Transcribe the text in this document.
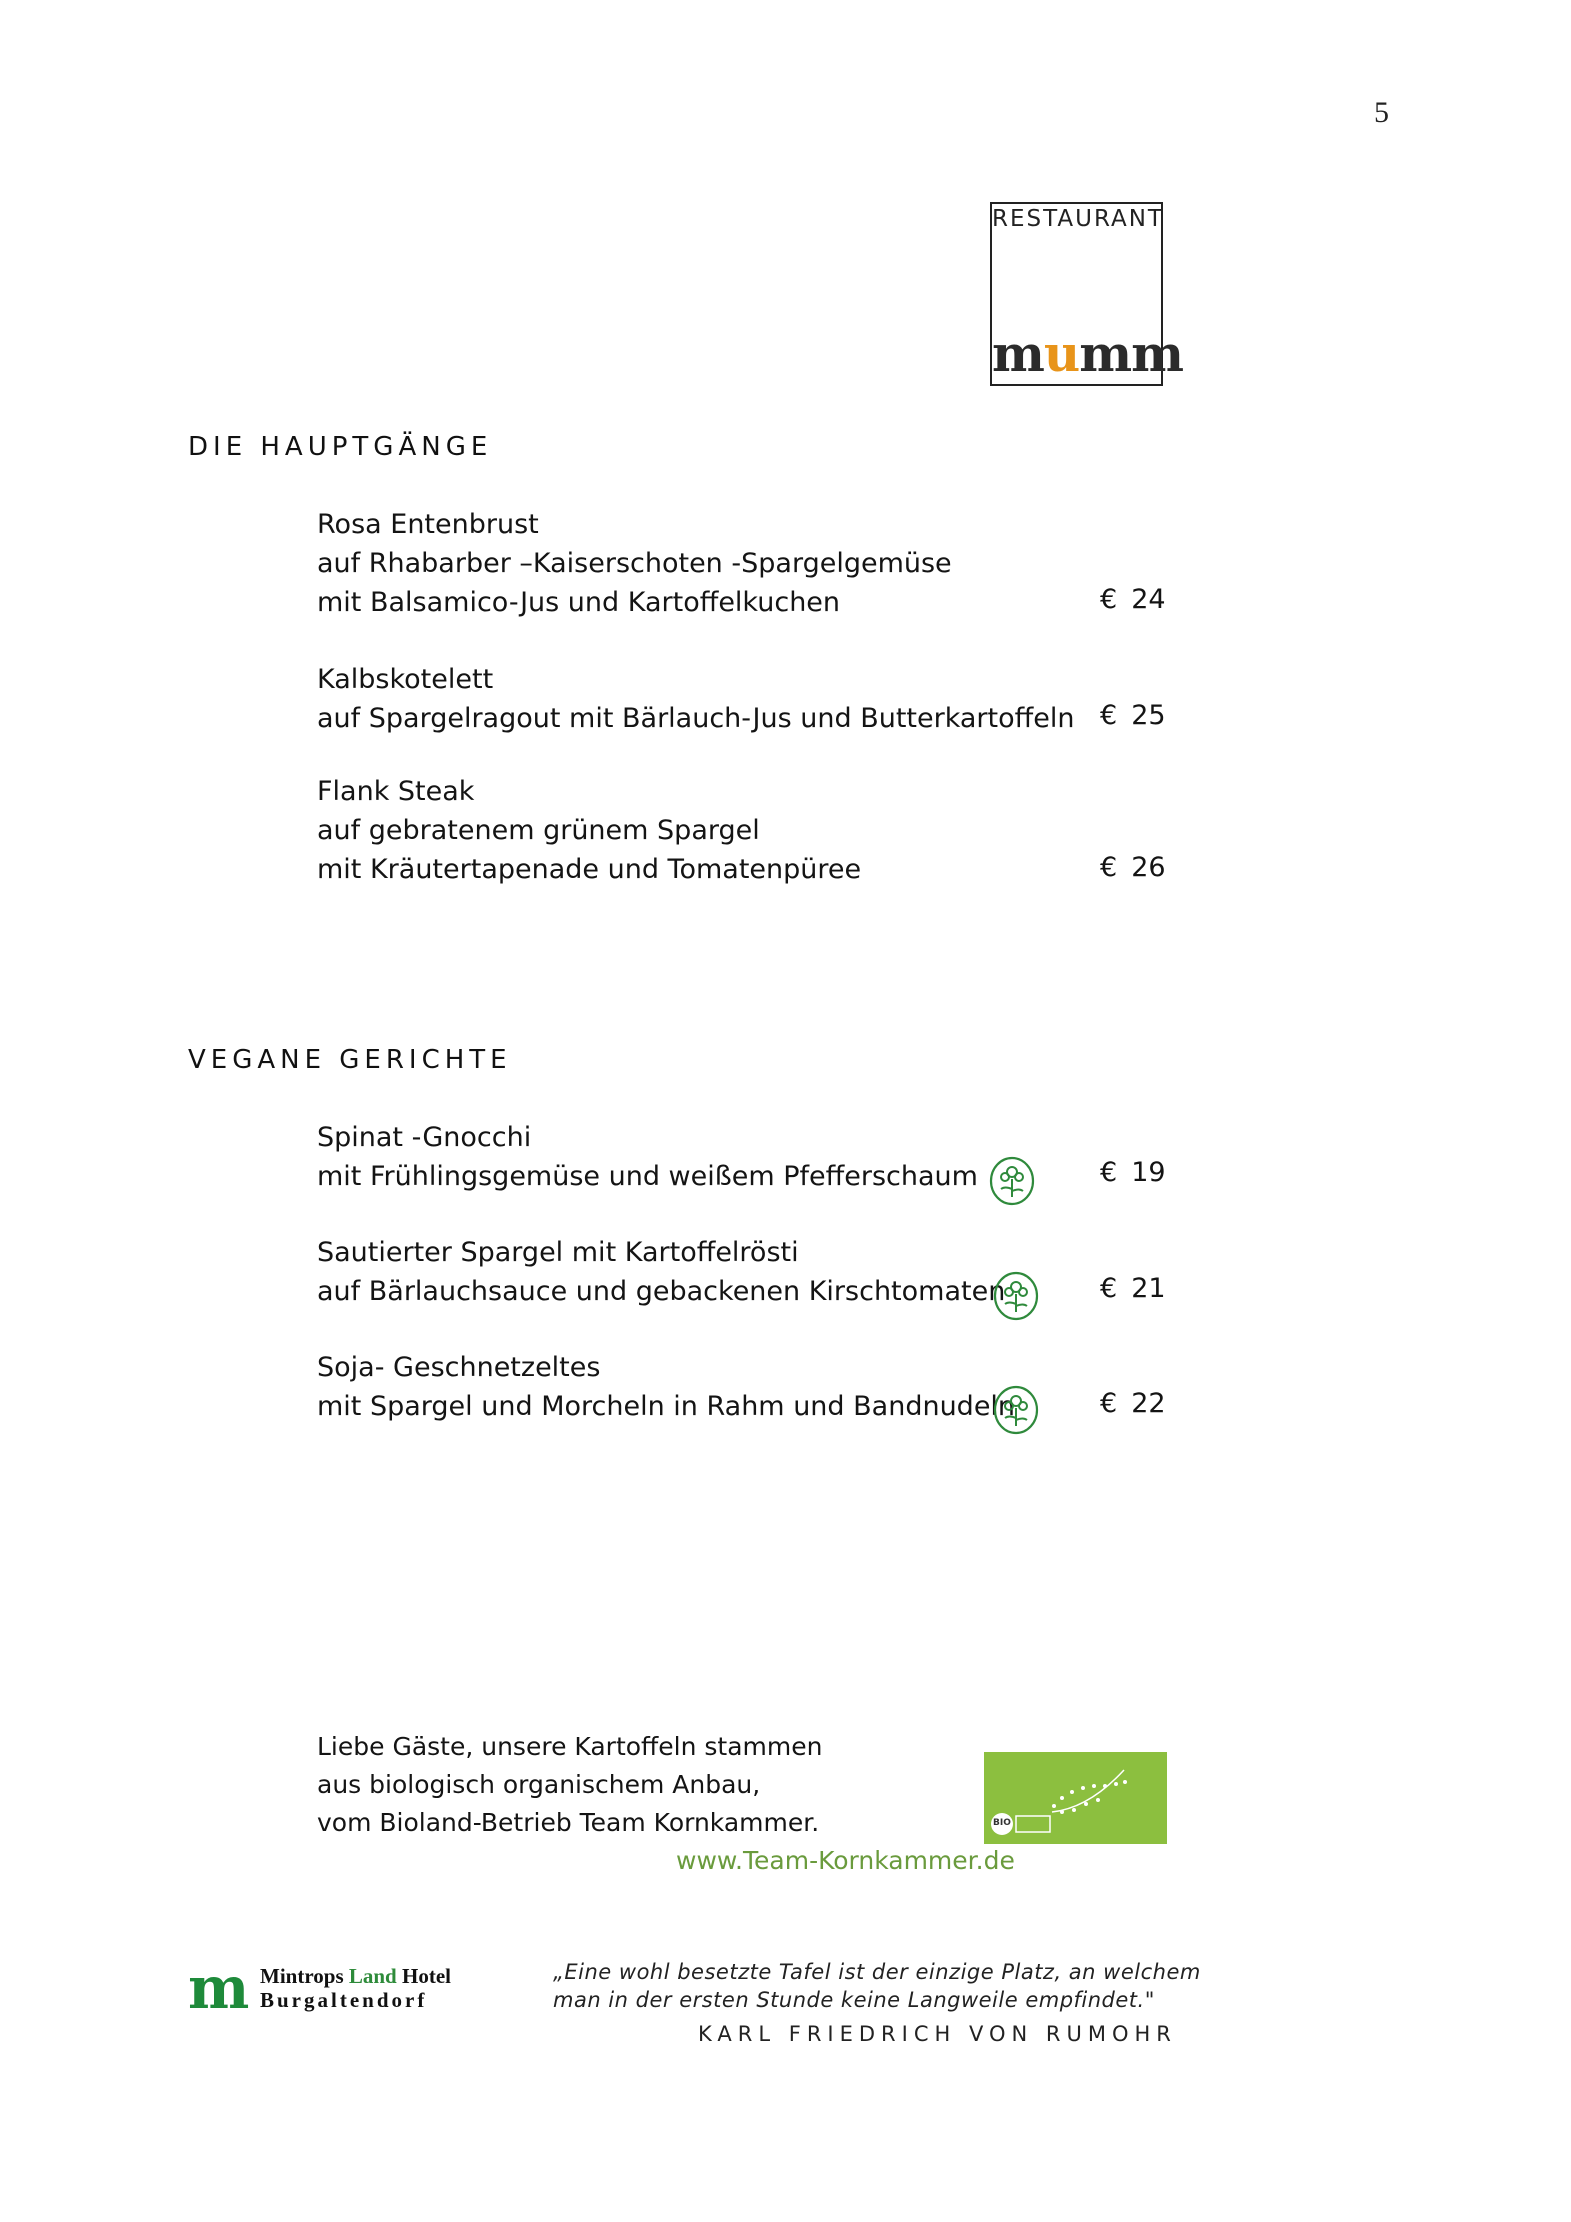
5
RESTAURANT
mumm
DIE HAUPTGÄNGE
Rosa Entenbrust
auf Rhabarber –Kaiserschoten -Spargelgemüse
mit Balsamico-Jus und Kartoffelkuchen	€ 24
Kalbskotelett
auf Spargelragout mit Bärlauch-Jus und Butterkartoffeln € 25
Flank Steak
auf gebratenem grünem Spargel
mit Kräutertapenade und Tomatenpüree	€ 26
VEGANE GERICHTE
Spinat -Gnocchi
mit Frühlingsgemüse und weißem Pfefferschaum	€ 19
Sautierter Spargel mit Kartoffelrösti
auf Bärlauchsauce und gebackenen Kirschtomaten	€ 21
Soja- Geschnetzeltes
mit Spargel und Morcheln in Rahm und Bandnudeln	€ 22
Liebe Gäste, unsere Kartoffeln stammen
aus biologisch organischem Anbau,
vom Bioland-Betrieb Team Kornkammer.	BIO
www.Team-Kornkammer.de
m Mintrops Land Hotel
Burgaltendorf
„Eine wohl besetzte Tafel ist der einzige Platz, an welchem
man in der ersten Stunde keine Langweile empfindet."
KARL FRIEDRICH VON RUMOHR
